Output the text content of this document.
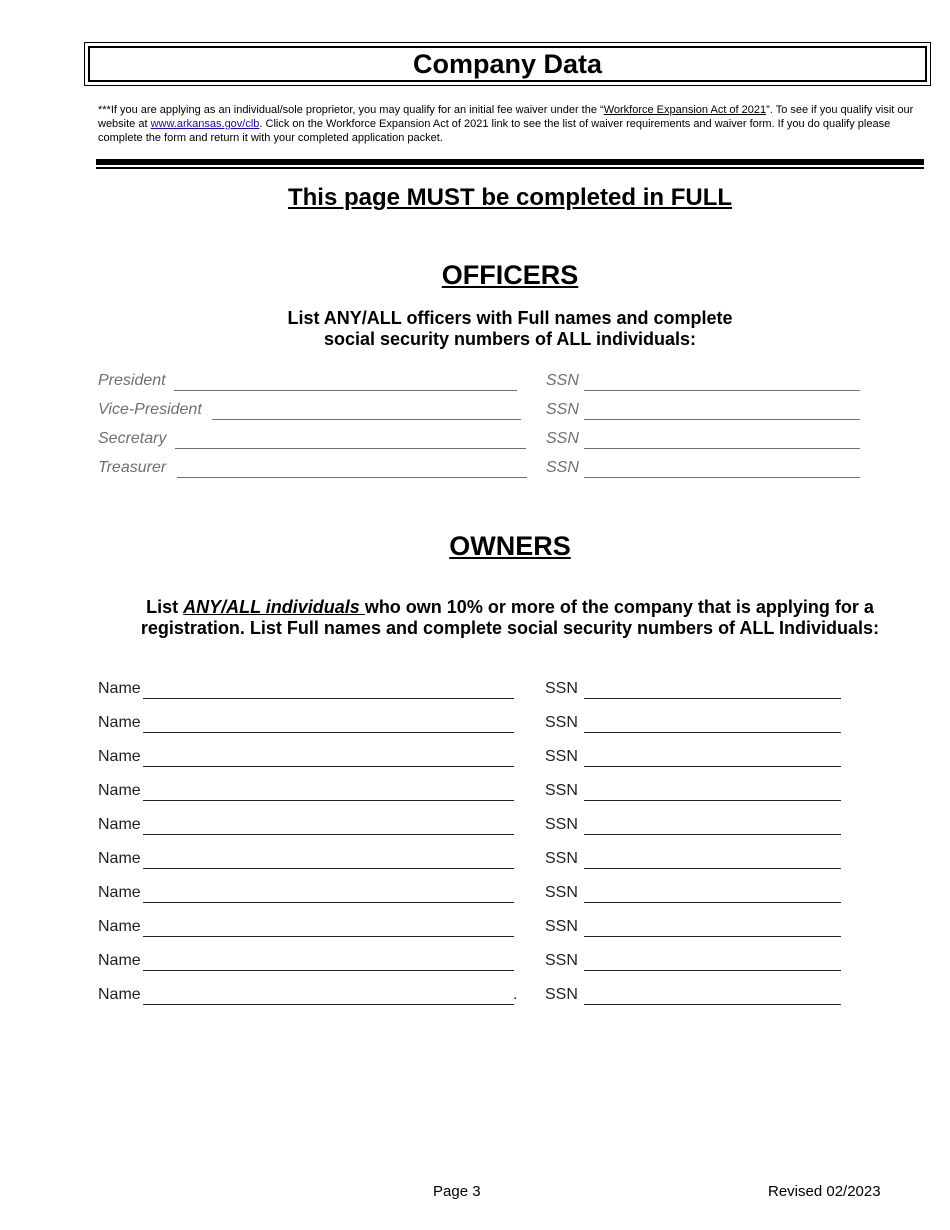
Company Data
***If you are applying as an individual/sole proprietor, you may qualify for an initial fee waiver under the “Workforce Expansion Act of 2021”. To see if you qualify visit our website at www.arkansas.gov/clb. Click on the Workforce Expansion Act of 2021 link to see the list of waiver requirements and waiver form. If you do qualify please complete the form and return it with your completed application packet.
This page MUST be completed in FULL
OFFICERS
List ANY/ALL officers with Full names and complete
social security numbers of ALL individuals:
President	SSN
Vice-President	SSN
Secretary	SSN
Treasurer	SSN
OWNERS
List ANY/ALL individuals who own 10% or more of the company that is applying for a
registration. List Full names and complete social security numbers of ALL Individuals:
Name	SSN
Name	SSN
Name	SSN
Name	SSN
Name	SSN
Name	SSN
Name	SSN
Name	SSN
Name	SSN
Name	. SSN
Page 3	Revised 02/2023
